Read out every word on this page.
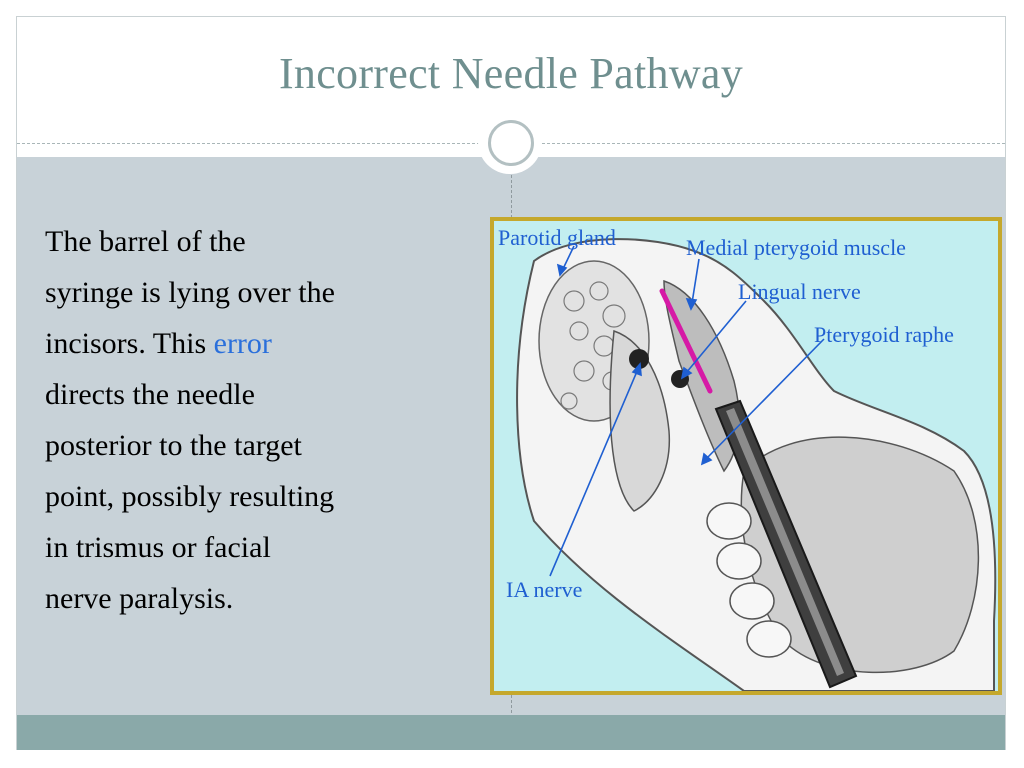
Incorrect Needle Pathway

The barrel of the
syringe is lying over the
incisors. This error
directs the needle
posterior to the target
point, possibly resulting
in trismus or facial
nerve paralysis.

Parotid gland	Medial pterygoid muscle
Lingual nerve
Pterygoid raphe
IA nerve
